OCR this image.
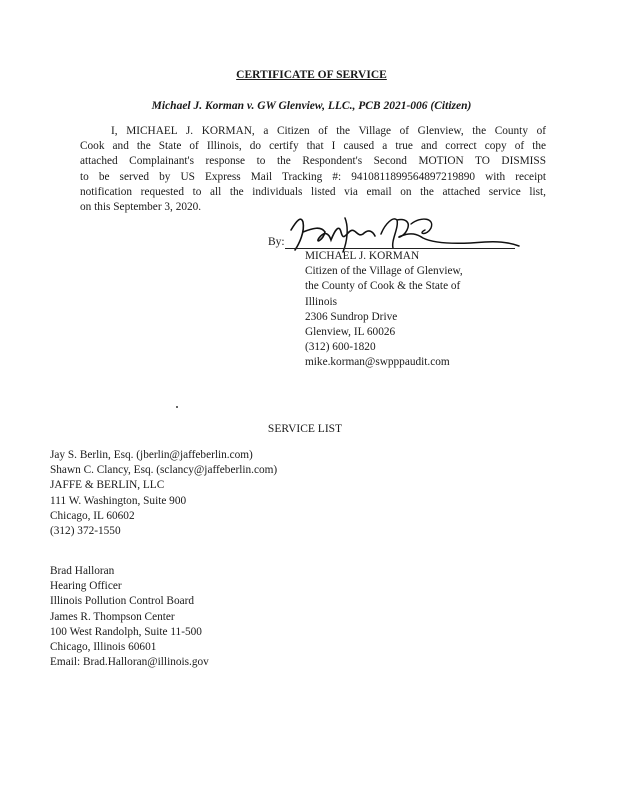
CERTIFICATE OF SERVICE
Michael J. Korman v. GW Glenview, LLC., PCB 2021-006 (Citizen)
I, MICHAEL J. KORMAN, a Citizen of the Village of Glenview, the County of
Cook and the State of Illinois, do certify that I caused a true and correct copy of the
attached Complainant's response to the Respondent's Second MOTION TO DISMISS
to be served by US Express Mail Tracking #: 9410811899564897219890 with receipt
notification requested to all the individuals listed via email on the attached service list,
on this September 3, 2020.
By:
MICHAEL J. KORMAN
Citizen of the Village of Glenview,
the County of Cook & the State of
Illinois
2306 Sundrop Drive
Glenview, IL 60026
(312) 600-1820
mike.korman@swpppaudit.com
SERVICE LIST
Jay S. Berlin, Esq. (jberlin@jaffeberlin.com)
Shawn C. Clancy, Esq. (sclancy@jaffeberlin.com)
JAFFE & BERLIN, LLC
111 W. Washington, Suite 900
Chicago, IL 60602
(312) 372-1550
Brad Halloran
Hearing Officer
Illinois Pollution Control Board
James R. Thompson Center
100 West Randolph, Suite 11-500
Chicago, Illinois 60601
Email: Brad.Halloran@illinois.gov
